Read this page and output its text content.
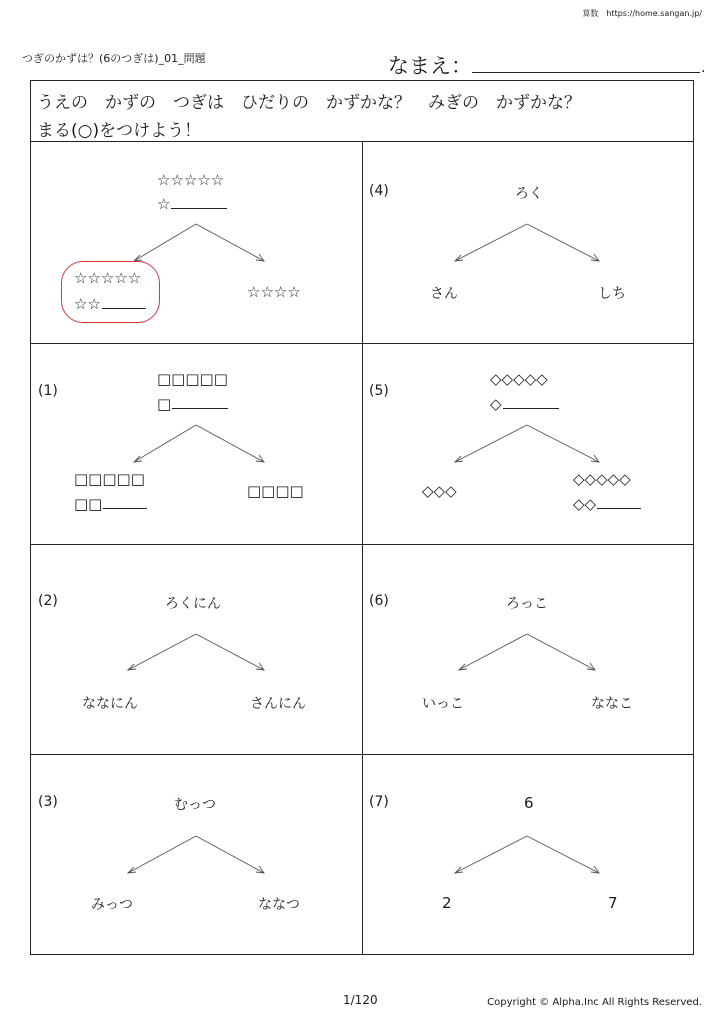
算数　https://home.sangan.jp/
つぎのかずは？(6のつぎは)_01_問題	なまえ：	.
うえの　かずの　つぎは　ひだりの　かずかな？　みぎの　かずかな？
まる(○)をつけよう！
☆☆☆☆☆
☆
☆☆☆☆☆
☆☆
☆☆☆☆
(4)	ろく
さん	しち
(1)
□□□□□
□
□□□□□
□□
□□□□
(5)
◇◇◇◇◇
◇
◇◇◇
◇◇◇◇◇
◇◇
(2)	ろくにん
ななにん	さんにん
(6)	ろっこ
いっこ	ななこ
(3)	むっつ
みっつ	ななつ
(7)	6
2	7
1/120	Copyright © Alpha.Inc All Rights Reserved.
